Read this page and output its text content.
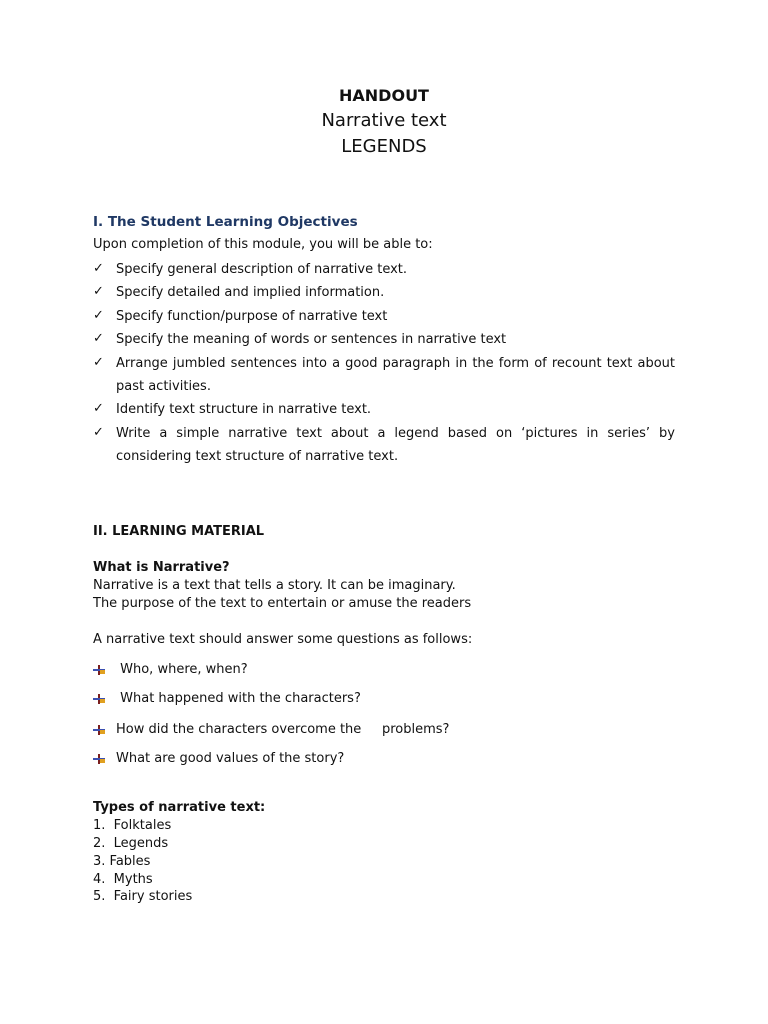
HANDOUT
Narrative text
LEGENDS
I. The Student Learning Objectives
Upon completion of this module, you will be able to:
✓ Specify general description of narrative text.
✓ Specify detailed and implied information.
✓ Specify function/purpose of narrative text
✓ Specify the meaning of words or sentences in narrative text
✓ Arrange jumbled sentences into a good paragraph in the form of recount text about
past activities.
✓ Identify text structure in narrative text.
✓ Write a simple narrative text about a legend based on ‘pictures in series’ by
considering text structure of narrative text.
II. LEARNING MATERIAL
What is Narrative?
Narrative is a text that tells a story. It can be imaginary.
The purpose of the text to entertain or amuse the readers
A narrative text should answer some questions as follows:
Who, where, when?
What happened with the characters?
How did the characters overcome the     problems?
What are good values of the story?
Types of narrative text:
1.  Folktales
2.  Legends
3. Fables
4.  Myths
5.  Fairy stories
